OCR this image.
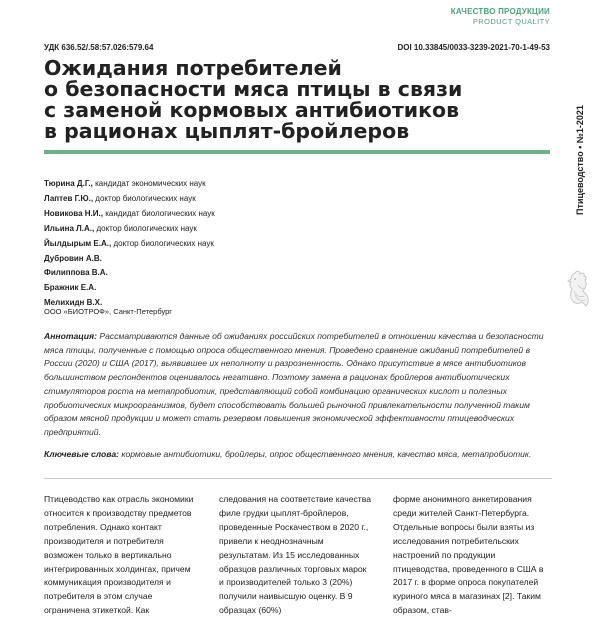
КАЧЕСТВО ПРОДУКЦИИ
PRODUCT QUALITY
УДК 636.52/.58:57.026:579.64	DOI 10.33845/0033-3239-2021-70-1-49-53
Ожидания потребителей
о безопасности мяса птицы в связи
с заменой кормовых антибиотиков
в рационах цыплят-бройлеров	Птицеводство • №1-2021
Тюрина Д.Г., кандидат экономических наук
Лаптев Г.Ю., доктор биологических наук
Новикова Н.И., кандидат биологических наук
Ильина Л.А., доктор биологических наук
Йылдырым Е.А., доктор биологических наук
Дубровин А.В.
Филиппова В.А.
Бражник Е.А.
Мелихидн В.Х.
ООО «БИОТРОФ», Санкт-Петербург

Аннотация: Рассматриваются данные об ожиданиях российских потребителей в отношении качества и безопасности мяса птицы, полученные с помощью опроса общественного мнения. Проведено сравнение ожиданий потребителей в России (2020) и США (2017), выявившее их неполноту и разрозненность. Однако присутствие в мясе антибиотиков большинством респондентов оценивалось негативно. Поэтому замена в рационах бройлеров антибиотических стимуляторов роста на метапробиотик, представляющий собой комбинацию органических кислот и полезных пробиотических микроорганизмов, будет способствовать большей рыночной привлекательности полученной таким образом мясной продукции и может стать резервом повышения экономической эффективности птицеводческих предприятий.

Ключевые слова: кормовые антибиотики, бройлеры, опрос общественного мнения, качество мяса, метапробиотик.

Птицеводство как отрасль экономики относится к производству предметов потребления. Однако контакт производителя и потребителя возможен только в вертикально интегрированных холдингах, причем коммуникация производителя и потребителя в этом случае ограничена этикеткой. Как

следования на соответствие качества филе грудки цыплят-бройлеров, проведенные Роскачеством в 2020 г., привели к неоднозначным результатам. Из 15 исследованных образцов различных торговых марок и производителей только 3 (20%) получили наивысшую оценку. В 9 образцах (60%)

форме анонимного анкетирования среди жителей Санкт-Петербурга. Отдельные вопросы были взяты из исследования потребительских настроений по продукции птицеводства, проведенного в США в 2017 г. в форме опроса покупателей куриного мяса в магазинах [2]. Таким образом, став-
